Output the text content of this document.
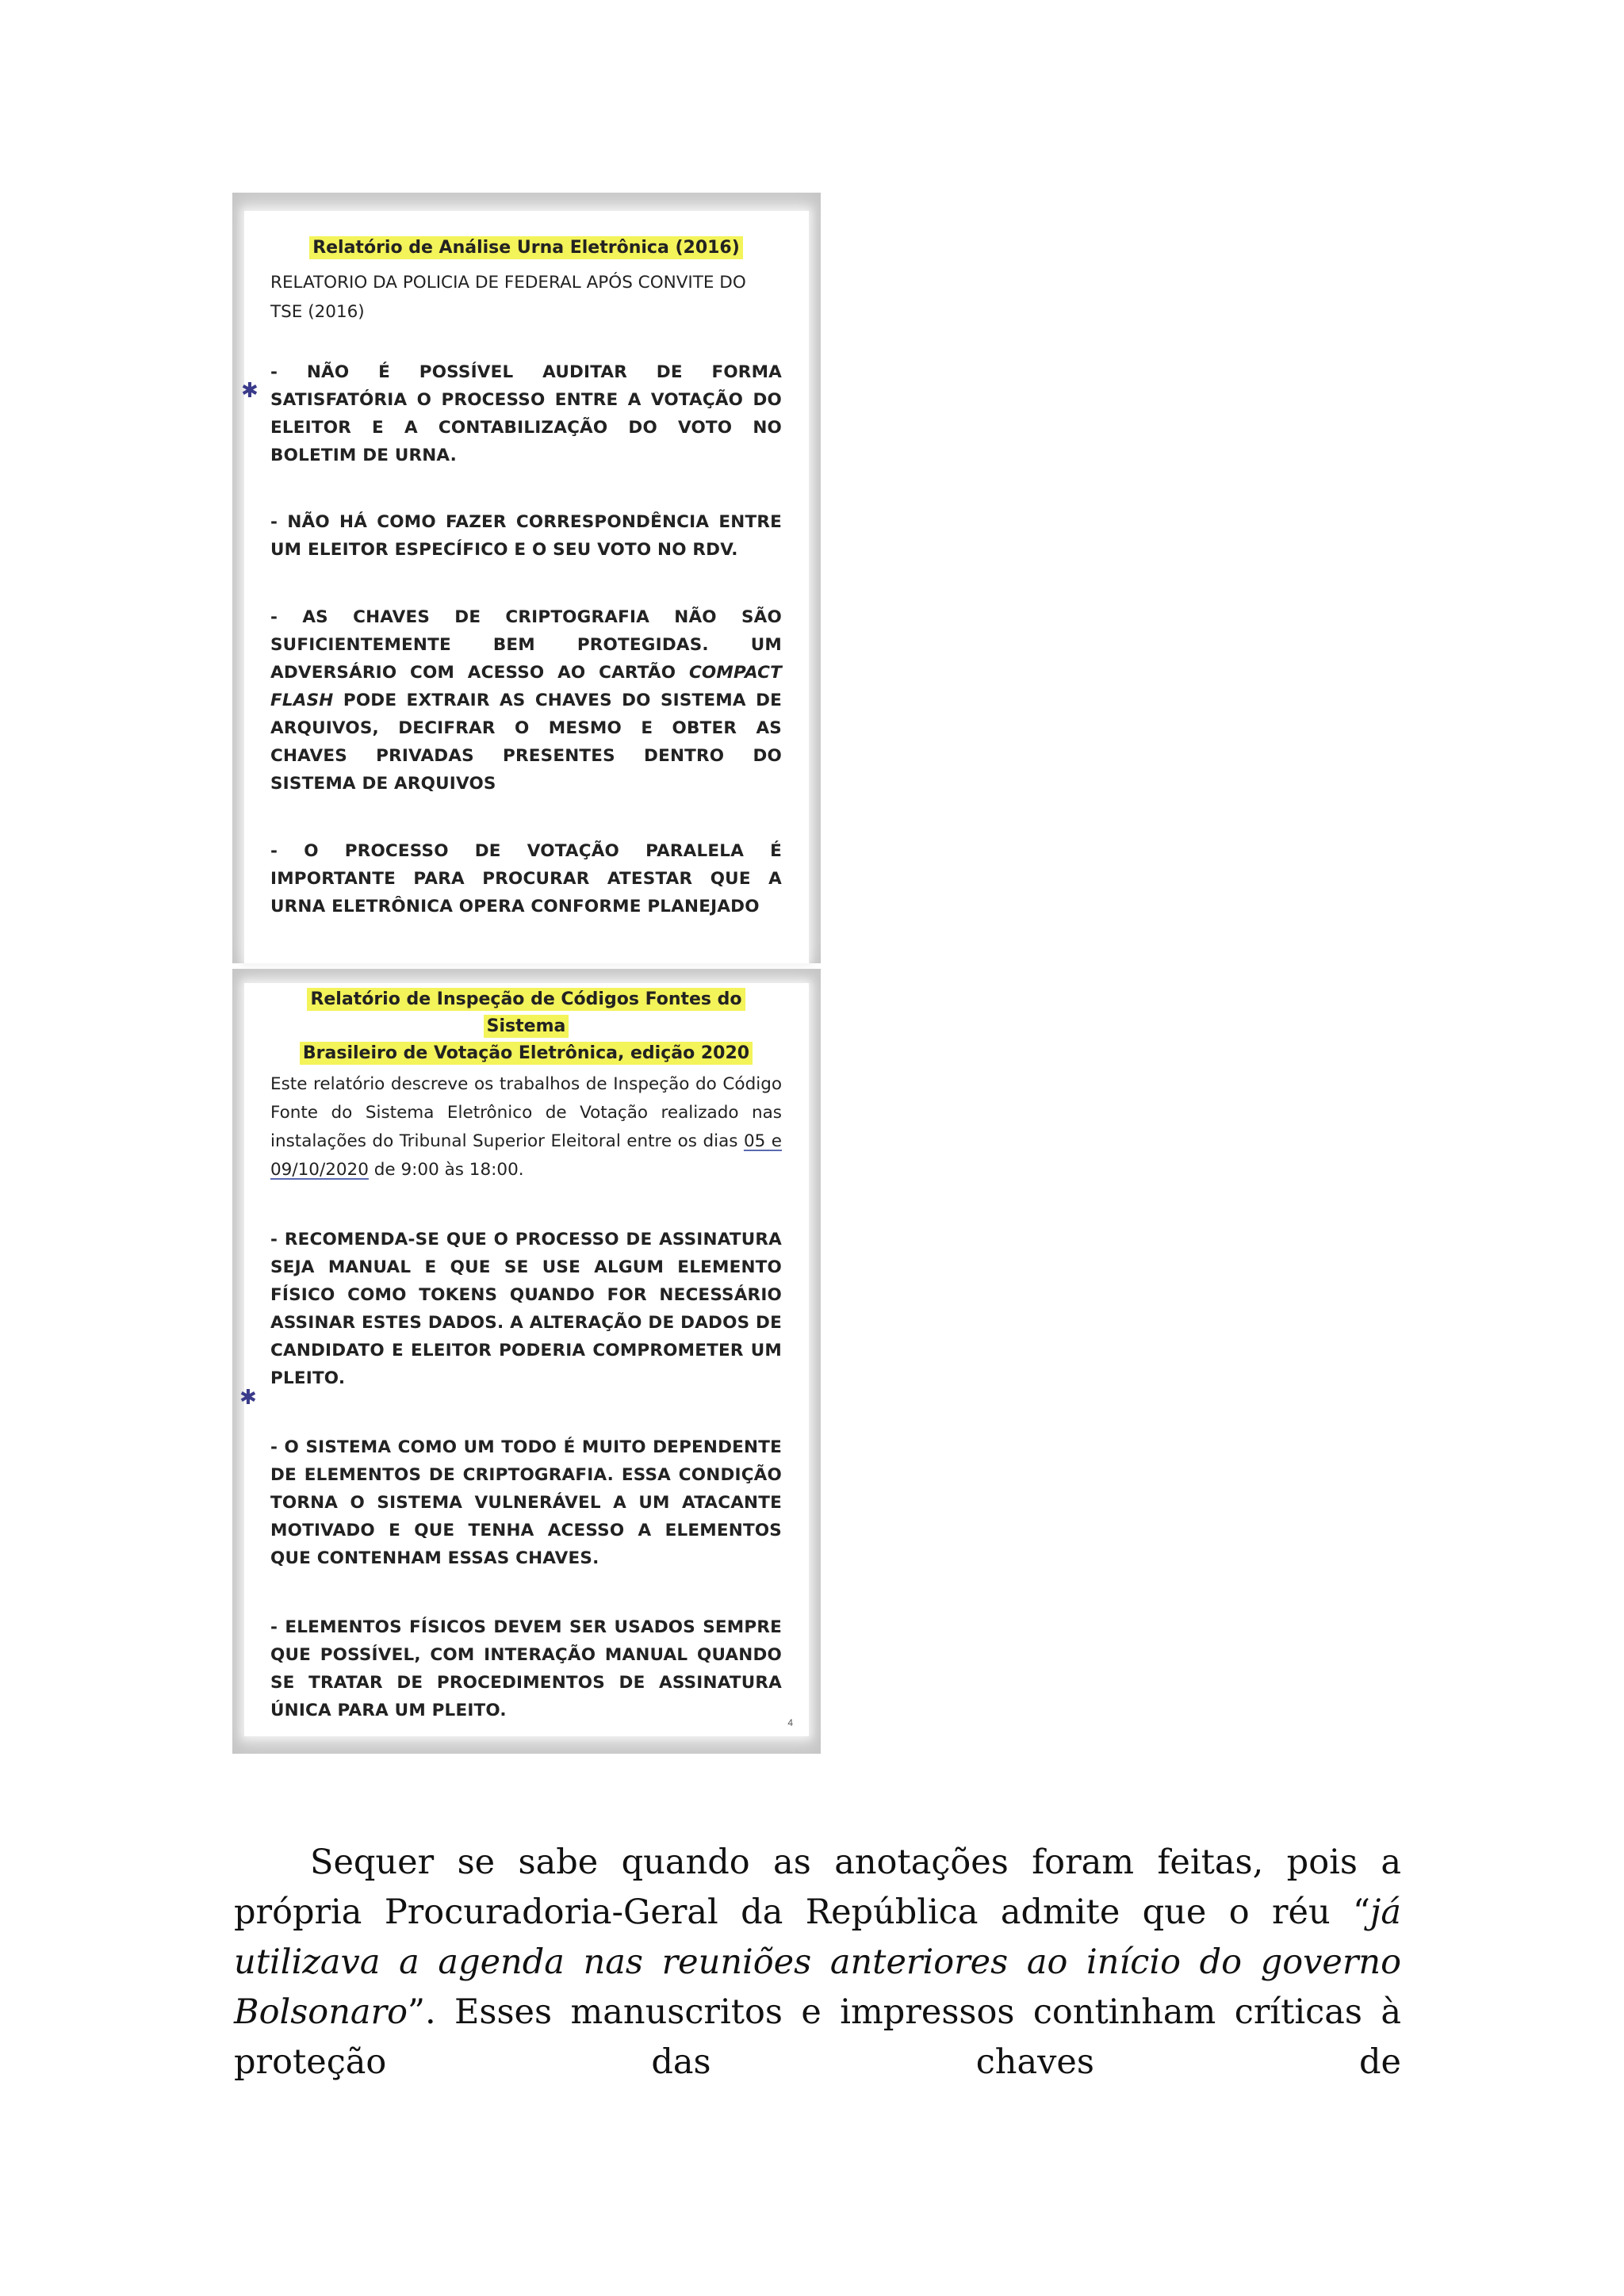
Relatório de Análise Urna Eletrônica (2016)
RELATORIO DA POLICIA DE FEDERAL APÓS CONVITE DO TSE (2016)
- NÃO É POSSÍVEL AUDITAR DE FORMA SATISFATÓRIA O PROCESSO ENTRE A VOTAÇÃO DO ELEITOR E A CONTABILIZAÇÃO DO VOTO NO BOLETIM DE URNA.
- NÃO HÁ COMO FAZER CORRESPONDÊNCIA ENTRE UM ELEITOR ESPECÍFICO E O SEU VOTO NO RDV.
- AS CHAVES DE CRIPTOGRAFIA NÃO SÃO SUFICIENTEMENTE BEM PROTEGIDAS. UM ADVERSÁRIO COM ACESSO AO CARTÃO COMPACT FLASH PODE EXTRAIR AS CHAVES DO SISTEMA DE ARQUIVOS, DECIFRAR O MESMO E OBTER AS CHAVES PRIVADAS PRESENTES DENTRO DO SISTEMA DE ARQUIVOS
- O PROCESSO DE VOTAÇÃO PARALELA É IMPORTANTE PARA PROCURAR ATESTAR QUE A URNA ELETRÔNICA OPERA CONFORME PLANEJADO
✱
Relatório de Inspeção de Códigos Fontes do Sistema
Brasileiro de Votação Eletrônica, edição 2020
Este relatório descreve os trabalhos de Inspeção do Código Fonte do Sistema Eletrônico de Votação realizado nas instalações do Tribunal Superior Eleitoral entre os dias 05 e 09/10/2020 de 9:00 às 18:00.
- RECOMENDA-SE QUE O PROCESSO DE ASSINATURA SEJA MANUAL E QUE SE USE ALGUM ELEMENTO FÍSICO COMO TOKENS QUANDO FOR NECESSÁRIO ASSINAR ESTES DADOS. A ALTERAÇÃO DE DADOS DE CANDIDATO E ELEITOR PODERIA COMPROMETER UM PLEITO.
- O SISTEMA COMO UM TODO É MUITO DEPENDENTE DE ELEMENTOS DE CRIPTOGRAFIA. ESSA CONDIÇÃO TORNA O SISTEMA VULNERÁVEL A UM ATACANTE MOTIVADO E QUE TENHA ACESSO A ELEMENTOS QUE CONTENHAM ESSAS CHAVES.
- ELEMENTOS FÍSICOS DEVEM SER USADOS SEMPRE QUE POSSÍVEL, COM INTERAÇÃO MANUAL QUANDO SE TRATAR DE PROCEDIMENTOS DE ASSINATURA ÚNICA PARA UM PLEITO.
✱
4

Sequer se sabe quando as anotações foram feitas, pois a própria Procuradoria-Geral da República admite que o réu “já utilizava a agenda nas reuniões anteriores ao início do governo Bolsonaro”. Esses manuscritos e impressos continham críticas à proteção das chaves de
